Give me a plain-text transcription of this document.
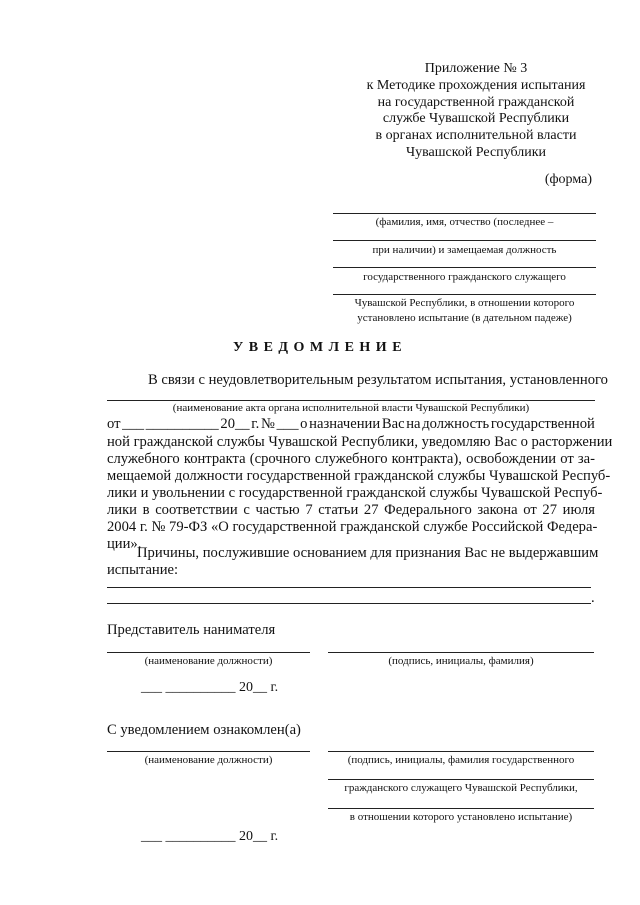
Приложение № 3
к Методике прохождения испытания
на государственной гражданской
службе Чувашской Республики
в органах исполнительной власти
Чувашской Республики
(форма)
(фамилия, имя, отчество (последнее –
при наличии) и замещаемая должность
государственного гражданского служащего
Чувашской Республики, в отношении которого
установлено испытание (в дательном падеже)
УВЕДОМЛЕНИЕ
В связи с неудовлетворительным результатом испытания, установленного
(наименование акта органа исполнительной власти Чувашской Республики)
от ___ __________ 20__ г. № ___ о назначении Вас на должность государственной
ной гражданской службы Чувашской Республики, уведомляю Вас о расторжении
служебного контракта (срочного служебного контракта), освобождении от за-
мещаемой должности государственной гражданской службы Чувашской Респуб-
лики и увольнении с государственной гражданской службы Чувашской Респуб-
лики в соответствии с частью 7 статьи 27 Федерального закона от 27 июля
2004 г. № 79-ФЗ «О государственной гражданской службе Российской Федера-
ции».
Причины, послужившие основанием для признания Вас не выдержавшим
испытание:
.
Представитель нанимателя
(наименование должности)	(подпись, инициалы, фамилия)
___ __________ 20__ г.
С уведомлением ознакомлен(а)
(наименование должности)	(подпись, инициалы, фамилия государственного
гражданского служащего Чувашской Республики,
в отношении которого установлено испытание)
___ __________ 20__ г.
